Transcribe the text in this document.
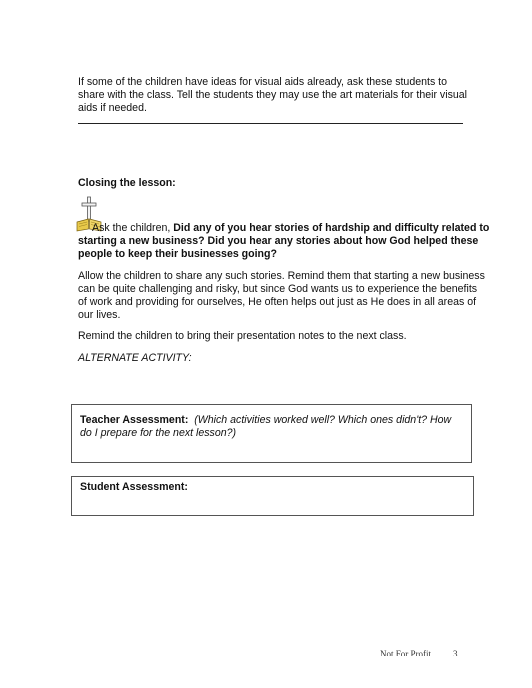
If some of the children have ideas for visual aids already, ask these students to share with the class. Tell the students they may use the art materials for their visual aids if needed.

Closing the lesson:

Ask the children, Did any of you hear stories of hardship and difficulty related to starting a new business? Did you hear any stories about how God helped these people to keep their businesses going?

Allow the children to share any such stories. Remind them that starting a new business can be quite challenging and risky, but since God wants us to experience the benefits of work and providing for ourselves, He often helps out just as He does in all areas of our lives.

Remind the children to bring their presentation notes to the next class.

ALTERNATE ACTIVITY:

Teacher Assessment: (Which activities worked well? Which ones didn't? How do I prepare for the next lesson?)
Student Assessment:
Not For Profit 3
